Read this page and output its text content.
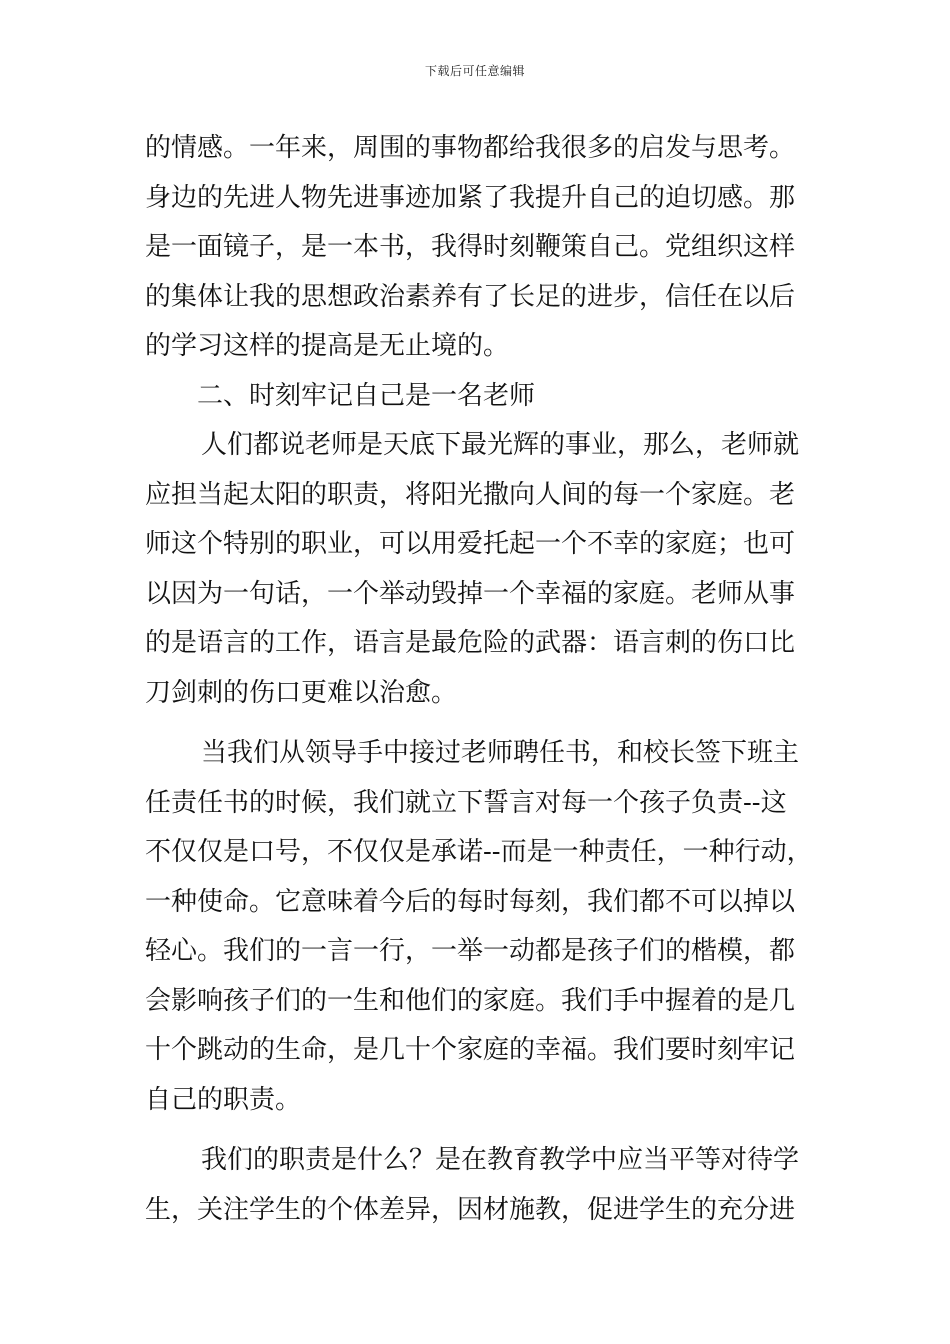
下载后可任意编辑
的情感。一年来，周围的事物都给我很多的启发与思考。
身边的先进人物先进事迹加紧了我提升自己的迫切感。那
是一面镜子，是一本书，我得时刻鞭策自己。党组织这样
的集体让我的思想政治素养有了长足的进步，信任在以后
的学习这样的提高是无止境的。
二、时刻牢记自己是一名老师
人们都说老师是天底下最光辉的事业，那么，老师就
应担当起太阳的职责，将阳光撒向人间的每一个家庭。老
师这个特别的职业，可以用爱托起一个不幸的家庭；也可
以因为一句话，一个举动毁掉一个幸福的家庭。老师从事
的是语言的工作，语言是最危险的武器：语言刺的伤口比
刀剑刺的伤口更难以治愈。
当我们从领导手中接过老师聘任书，和校长签下班主
任责任书的时候，我们就立下誓言对每一个孩子负责--这
不仅仅是口号，不仅仅是承诺--而是一种责任，一种行动，
一种使命。它意味着今后的每时每刻，我们都不可以掉以
轻心。我们的一言一行，一举一动都是孩子们的楷模，都
会影响孩子们的一生和他们的家庭。我们手中握着的是几
十个跳动的生命，是几十个家庭的幸福。我们要时刻牢记
自己的职责。
我们的职责是什么？是在教育教学中应当平等对待学
生，关注学生的个体差异，因材施教，促进学生的充分进
